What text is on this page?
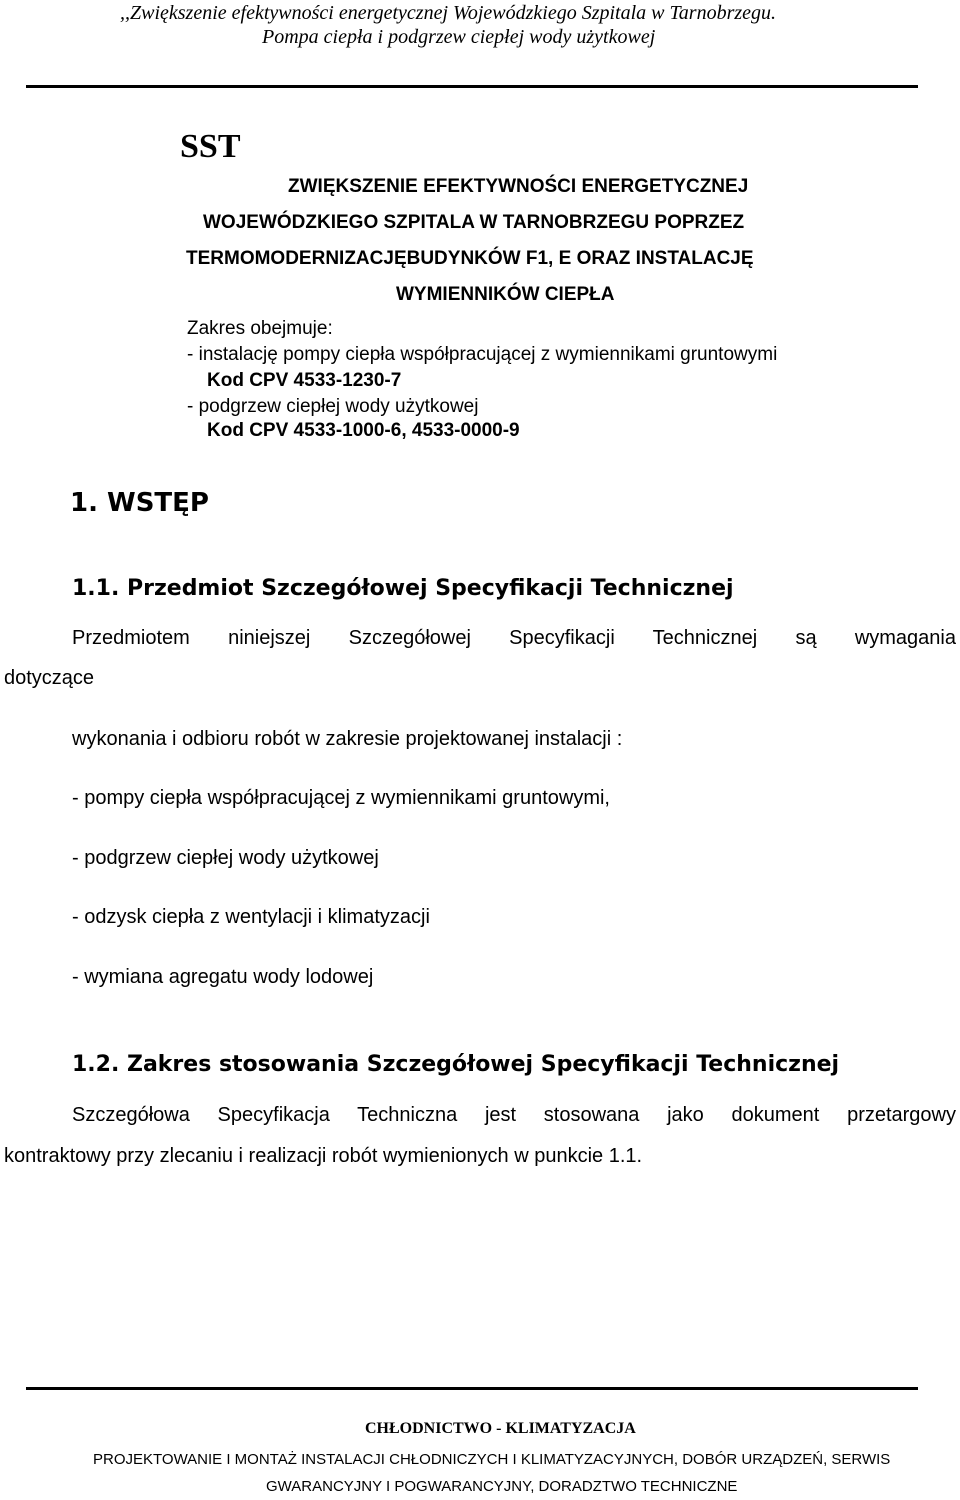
,,Zwiększenie efektywności energetycznej Wojewódzkiego Szpitala w Tarnobrzegu.
Pompa ciepła i podgrzew ciepłej wody użytkowej
SST
ZWIĘKSZENIE EFEKTYWNOŚCI ENERGETYCZNEJ
WOJEWÓDZKIEGO SZPITALA W TARNOBRZEGU POPRZEZ
TERMOMODERNIZACJĘBUDYNKÓW F1, E ORAZ INSTALACJĘ
WYMIENNIKÓW CIEPŁA
Zakres obejmuje:
- instalację pompy ciepła współpracującej z wymiennikami gruntowymi
Kod CPV 4533-1230-7
- podgrzew ciepłej wody użytkowej
Kod CPV 4533-1000-6, 4533-0000-9
1. WSTĘP
1.1. Przedmiot Szczegółowej Specyfikacji Technicznej
Przedmiotem niniejszej Szczegółowej Specyfikacji Technicznej są wymagania
dotyczące
wykonania i odbioru robót w zakresie projektowanej instalacji :
- pompy ciepła współpracującej z wymiennikami gruntowymi,
- podgrzew ciepłej wody użytkowej
- odzysk ciepła z wentylacji i klimatyzacji
- wymiana agregatu wody lodowej
1.2. Zakres stosowania Szczegółowej Specyfikacji Technicznej
Szczegółowa Specyfikacja Techniczna jest stosowana jako dokument przetargowy
kontraktowy przy zlecaniu i realizacji robót wymienionych w punkcie 1.1.
CHŁODNICTWO - KLIMATYZACJA
PROJEKTOWANIE I MONTAŻ INSTALACJI CHŁODNICZYCH I KLIMATYZACYJNYCH, DOBÓR URZĄDZEŃ, SERWIS
GWARANCYJNY I POGWARANCYJNY, DORADZTWO TECHNICZNE
